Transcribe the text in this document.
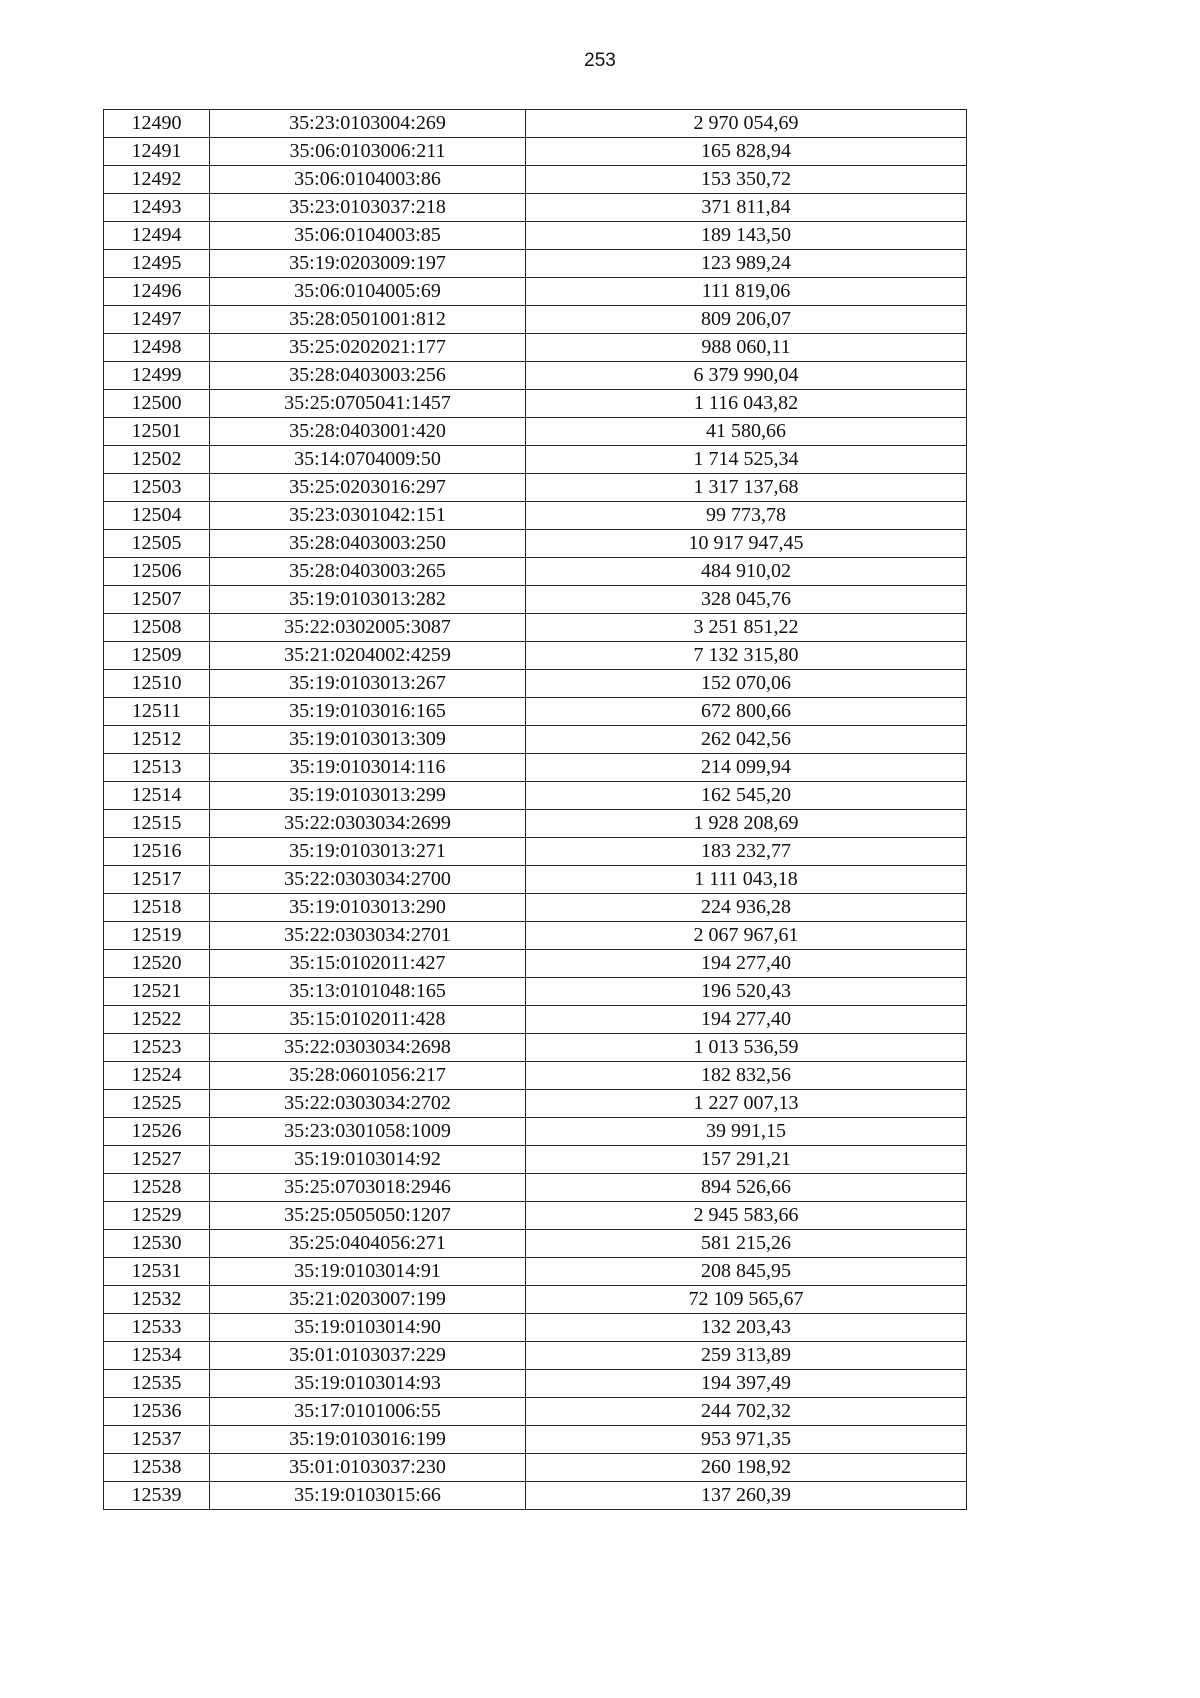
253
12490	35:23:0103004:269	2 970 054,69
12491	35:06:0103006:211	165 828,94
12492	35:06:0104003:86	153 350,72
12493	35:23:0103037:218	371 811,84
12494	35:06:0104003:85	189 143,50
12495	35:19:0203009:197	123 989,24
12496	35:06:0104005:69	111 819,06
12497	35:28:0501001:812	809 206,07
12498	35:25:0202021:177	988 060,11
12499	35:28:0403003:256	6 379 990,04
12500	35:25:0705041:1457	1 116 043,82
12501	35:28:0403001:420	41 580,66
12502	35:14:0704009:50	1 714 525,34
12503	35:25:0203016:297	1 317 137,68
12504	35:23:0301042:151	99 773,78
12505	35:28:0403003:250	10 917 947,45
12506	35:28:0403003:265	484 910,02
12507	35:19:0103013:282	328 045,76
12508	35:22:0302005:3087	3 251 851,22
12509	35:21:0204002:4259	7 132 315,80
12510	35:19:0103013:267	152 070,06
12511	35:19:0103016:165	672 800,66
12512	35:19:0103013:309	262 042,56
12513	35:19:0103014:116	214 099,94
12514	35:19:0103013:299	162 545,20
12515	35:22:0303034:2699	1 928 208,69
12516	35:19:0103013:271	183 232,77
12517	35:22:0303034:2700	1 111 043,18
12518	35:19:0103013:290	224 936,28
12519	35:22:0303034:2701	2 067 967,61
12520	35:15:0102011:427	194 277,40
12521	35:13:0101048:165	196 520,43
12522	35:15:0102011:428	194 277,40
12523	35:22:0303034:2698	1 013 536,59
12524	35:28:0601056:217	182 832,56
12525	35:22:0303034:2702	1 227 007,13
12526	35:23:0301058:1009	39 991,15
12527	35:19:0103014:92	157 291,21
12528	35:25:0703018:2946	894 526,66
12529	35:25:0505050:1207	2 945 583,66
12530	35:25:0404056:271	581 215,26
12531	35:19:0103014:91	208 845,95
12532	35:21:0203007:199	72 109 565,67
12533	35:19:0103014:90	132 203,43
12534	35:01:0103037:229	259 313,89
12535	35:19:0103014:93	194 397,49
12536	35:17:0101006:55	244 702,32
12537	35:19:0103016:199	953 971,35
12538	35:01:0103037:230	260 198,92
12539	35:19:0103015:66	137 260,39
